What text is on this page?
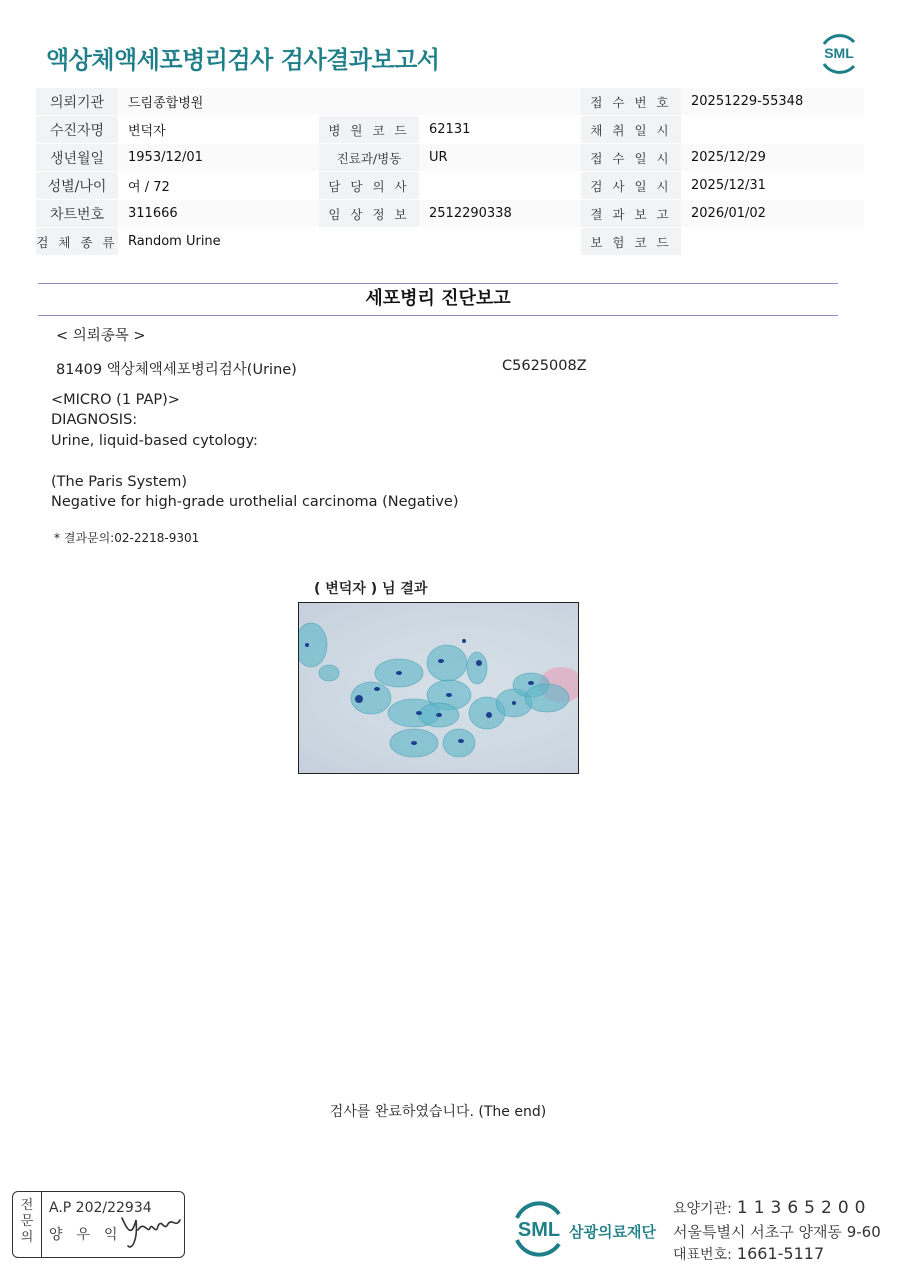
액상체액세포병리검사 검사결과보고서	SML
의뢰기관	드림종합병원			접 수 번 호	20251229-55348
수진자명	변덕자	병 원 코 드	62131	채 취 일 시	
생년월일	1953/12/01	진료과/병동	UR	접 수 일 시	2025/12/29
성별/나이	여 / 72	담 당 의 사		검 사 일 시	2025/12/31
차트번호	311666	임 상 정 보	2512290338	결 과 보 고	2026/01/02
검 체 종 류	Random Urine			보 험 코 드	
세포병리 진단보고
< 의뢰종목 >
81409 액상체액세포병리검사(Urine)	C5625008Z
<MICRO (1 PAP)>
DIAGNOSIS:
Urine, liquid-based cytology:
(The Paris System)
Negative for high-grade urothelial carcinoma (Negative)
* 결과문의:02-2218-9301
( 변덕자 ) 님 결과
검사를 완료하였습니다. (The end)
전
문
의
A.P 202/22934
양우익	SML 삼광의료재단
요양기관: 11365200
서울특별시 서초구 양재동 9-60
대표번호: 1661-5117
